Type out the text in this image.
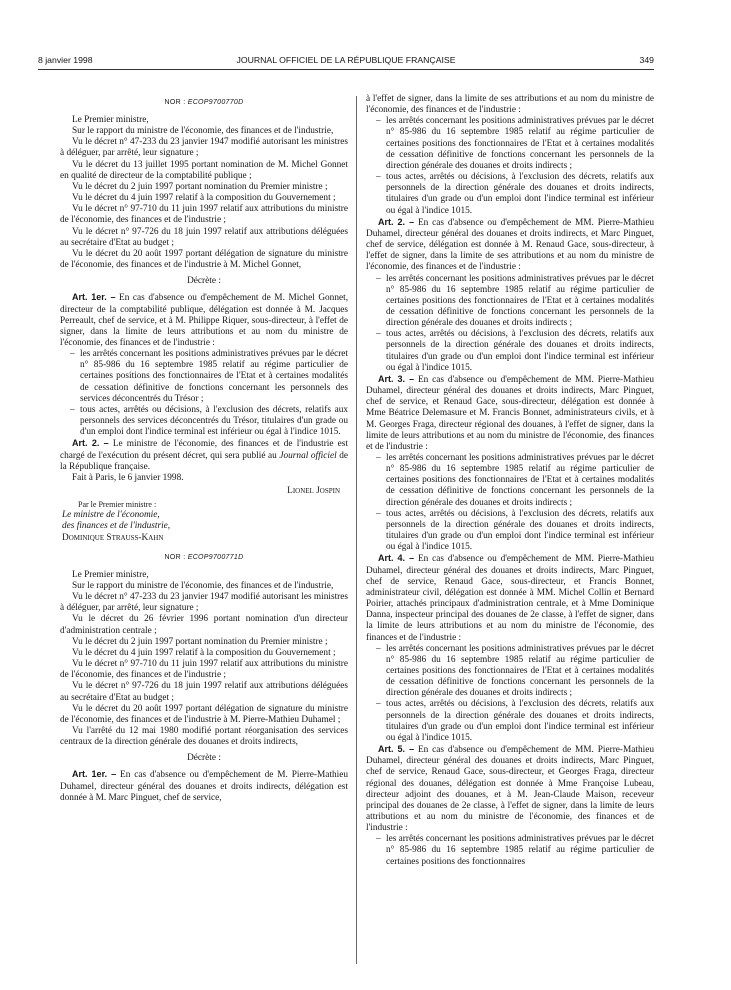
8 janvier 1998	JOURNAL OFFICIEL DE LA RÉPUBLIQUE FRANÇAISE	349

NOR : ECOP9700770D

Le Premier ministre,

Sur le rapport du ministre de l'économie, des finances et de l'industrie,

Vu le décret n° 47-233 du 23 janvier 1947 modifié autorisant les ministres à déléguer, par arrêté, leur signature ;

Vu le décret du 13 juillet 1995 portant nomination de M. Michel Gonnet en qualité de directeur de la comptabilité publique ;

Vu le décret du 2 juin 1997 portant nomination du Premier ministre ;

Vu le décret du 4 juin 1997 relatif à la composition du Gouvernement ;

Vu le décret n° 97-710 du 11 juin 1997 relatif aux attributions du ministre de l'économie, des finances et de l'industrie ;

Vu le décret n° 97-726 du 18 juin 1997 relatif aux attributions déléguées au secrétaire d'Etat au budget ;

Vu le décret du 20 août 1997 portant délégation de signature du ministre de l'économie, des finances et de l'industrie à M. Michel Gonnet,

Décrète :

Art. 1er. – En cas d'absence ou d'empêchement de M. Michel Gonnet, directeur de la comptabilité publique, délégation est donnée à M. Jacques Perreault, chef de service, et à M. Philippe Riquer, sous-directeur, à l'effet de signer, dans la limite de leurs attributions et au nom du ministre de l'économie, des finances et de l'industrie :

– les arrêtés concernant les positions administratives prévues par le décret n° 85-986 du 16 septembre 1985 relatif au régime particulier de certaines positions des fonctionnaires de l'Etat et à certaines modalités de cessation définitive de fonctions concernant les personnels des services déconcentrés du Trésor ;
– tous actes, arrêtés ou décisions, à l'exclusion des décrets, relatifs aux personnels des services déconcentrés du Trésor, titulaires d'un grade ou d'un emploi dont l'indice terminal est inférieur ou égal à l'indice 1015.

Art. 2. – Le ministre de l'économie, des finances et de l'industrie est chargé de l'exécution du présent décret, qui sera publié au Journal officiel de la République française.

Fait à Paris, le 6 janvier 1998.

Lionel Jospin

Par le Premier ministre :

Le ministre de l'économie,

des finances et de l'industrie,

Dominique Strauss-Kahn

NOR : ECOP9700771D

Le Premier ministre,

Sur le rapport du ministre de l'économie, des finances et de l'industrie,

Vu le décret n° 47-233 du 23 janvier 1947 modifié autorisant les ministres à déléguer, par arrêté, leur signature ;

Vu le décret du 26 février 1996 portant nomination d'un directeur d'administration centrale ;

Vu le décret du 2 juin 1997 portant nomination du Premier ministre ;

Vu le décret du 4 juin 1997 relatif à la composition du Gouvernement ;

Vu le décret n° 97-710 du 11 juin 1997 relatif aux attributions du ministre de l'économie, des finances et de l'industrie ;

Vu le décret n° 97-726 du 18 juin 1997 relatif aux attributions déléguées au secrétaire d'Etat au budget ;

Vu le décret du 20 août 1997 portant délégation de signature du ministre de l'économie, des finances et de l'industrie à M. Pierre-Mathieu Duhamel ;

Vu l'arrêté du 12 mai 1980 modifié portant réorganisation des services centraux de la direction générale des douanes et droits indirects,

Décrète :

Art. 1er. – En cas d'absence ou d'empêchement de M. Pierre-Mathieu Duhamel, directeur général des douanes et droits indirects, délégation est donnée à M. Marc Pinguet, chef de service,

à l'effet de signer, dans la limite de ses attributions et au nom du ministre de l'économie, des finances et de l'industrie :

– les arrêtés concernant les positions administratives prévues par le décret n° 85-986 du 16 septembre 1985 relatif au régime particulier de certaines positions des fonctionnaires de l'Etat et à certaines modalités de cessation définitive de fonctions concernant les personnels de la direction générale des douanes et droits indirects ;
– tous actes, arrêtés ou décisions, à l'exclusion des décrets, relatifs aux personnels de la direction générale des douanes et droits indirects, titulaires d'un grade ou d'un emploi dont l'indice terminal est inférieur ou égal à l'indice 1015.

Art. 2. – En cas d'absence ou d'empêchement de MM. Pierre-Mathieu Duhamel, directeur général des douanes et droits indirects, et Marc Pinguet, chef de service, délégation est donnée à M. Renaud Gace, sous-directeur, à l'effet de signer, dans la limite de ses attributions et au nom du ministre de l'économie, des finances et de l'industrie :

– les arrêtés concernant les positions administratives prévues par le décret n° 85-986 du 16 septembre 1985 relatif au régime particulier de certaines positions des fonctionnaires de l'Etat et à certaines modalités de cessation définitive de fonctions concernant les personnels de la direction générale des douanes et droits indirects ;
– tous actes, arrêtés ou décisions, à l'exclusion des décrets, relatifs aux personnels de la direction générale des douanes et droits indirects, titulaires d'un grade ou d'un emploi dont l'indice terminal est inférieur ou égal à l'indice 1015.

Art. 3. – En cas d'absence ou d'empêchement de MM. Pierre-Mathieu Duhamel, directeur général des douanes et droits indirects, Marc Pinguet, chef de service, et Renaud Gace, sous-directeur, délégation est donnée à Mme Béatrice Delemasure et M. Francis Bonnet, administrateurs civils, et à M. Georges Fraga, directeur régional des douanes, à l'effet de signer, dans la limite de leurs attributions et au nom du ministre de l'économie, des finances et de l'industrie :

– les arrêtés concernant les positions administratives prévues par le décret n° 85-986 du 16 septembre 1985 relatif au régime particulier de certaines positions des fonctionnaires de l'Etat et à certaines modalités de cessation définitive de fonctions concernant les personnels de la direction générale des douanes et droits indirects ;
– tous actes, arrêtés ou décisions, à l'exclusion des décrets, relatifs aux personnels de la direction générale des douanes et droits indirects, titulaires d'un grade ou d'un emploi dont l'indice terminal est inférieur ou égal à l'indice 1015.

Art. 4. – En cas d'absence ou d'empêchement de MM. Pierre-Mathieu Duhamel, directeur général des douanes et droits indirects, Marc Pinguet, chef de service, Renaud Gace, sous-directeur, et Francis Bonnet, administrateur civil, délégation est donnée à MM. Michel Collin et Bernard Poirier, attachés principaux d'administration centrale, et à Mme Dominique Danna, inspecteur principal des douanes de 2e classe, à l'effet de signer, dans la limite de leurs attributions et au nom du ministre de l'économie, des finances et de l'industrie :

– les arrêtés concernant les positions administratives prévues par le décret n° 85-986 du 16 septembre 1985 relatif au régime particulier de certaines positions des fonctionnaires de l'Etat et à certaines modalités de cessation définitive de fonctions concernant les personnels de la direction générale des douanes et droits indirects ;
– tous actes, arrêtés ou décisions, à l'exclusion des décrets, relatifs aux personnels de la direction générale des douanes et droits indirects, titulaires d'un grade ou d'un emploi dont l'indice terminal est inférieur ou égal à l'indice 1015.

Art. 5. – En cas d'absence ou d'empêchement de MM. Pierre-Mathieu Duhamel, directeur général des douanes et droits indirects, Marc Pinguet, chef de service, Renaud Gace, sous-directeur, et Georges Fraga, directeur régional des douanes, délégation est donnée à Mme Françoise Lubeau, directeur adjoint des douanes, et à M. Jean-Claude Maison, receveur principal des douanes de 2e classe, à l'effet de signer, dans la limite de leurs attributions et au nom du ministre de l'économie, des finances et de l'industrie :

– les arrêtés concernant les positions administratives prévues par le décret n° 85-986 du 16 septembre 1985 relatif au régime particulier de certaines positions des fonctionnaires
